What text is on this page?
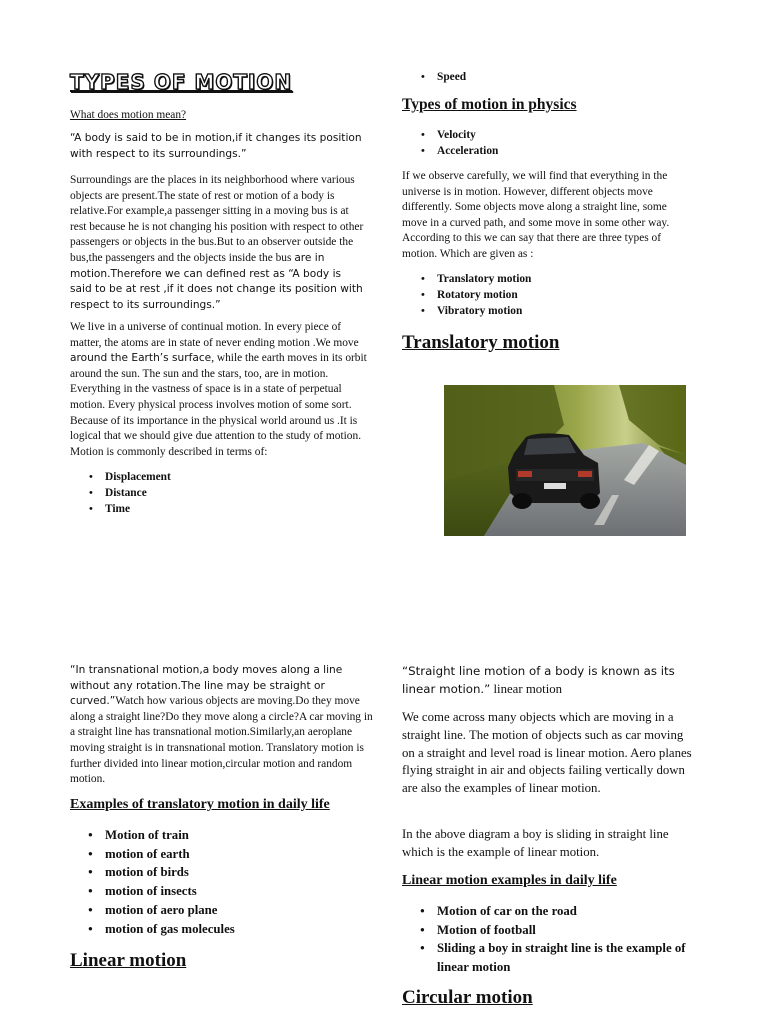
TYPES OF MOTION

What does motion mean?

“A body is said to be in motion,if it changes its position with respect to its surroundings.”

Surroundings are the places in its neighborhood where various objects are present.The state of rest or motion of a body is relative.For example,a passenger sitting in a moving bus is at rest because he is not changing his position with respect to other passengers or objects in the bus.But to an observer outside the bus,the passengers and the objects inside the bus are in motion.Therefore we can defined rest as “A body is said to be at rest ,if it does not change its position with respect to its surroundings.”

We live in a universe of continual motion. In every piece of matter, the atoms are in state of never ending motion .We move around the Earth’s surface, while the earth moves in its orbit around the sun. The sun and the stars, too, are in motion. Everything in the vastness of space is in a state of perpetual motion. Every physical process involves motion of some sort. Because of its importance in the physical world around us .It is logical that we should give due attention to the study of motion. Motion is commonly described in terms of:

• Displacement
• Distance
• Time
• Speed
Types of motion in physics
• Velocity
• Acceleration

If we observe carefully, we will find that everything in the universe is in motion. However, different objects move differently. Some objects move along a straight line, some move in a curved path, and some move in some other way. According to this we can say that there are three types of motion. Which are given as :

• Translatory motion
• Rotatory motion
• Vibratory motion
Translatory motion

“In transnational motion,a body moves along a line without any rotation.The line may be straight or curved.”Watch how various objects are moving.Do they move along a straight line?Do they move along a circle?A car moving in a straight line has transnational motion.Similarly,an aeroplane moving straight is in transnational motion. Translatory motion is further divided into linear motion,circular motion and random motion.

Examples of translatory motion in daily life
● Motion of train
● motion of earth
● motion of birds
● motion of insects
● motion of aero plane
● motion of gas molecules
Linear motion

“Straight line motion of a body is known as its linear motion.” linear motion

We come across many objects which are moving in a straight line. The motion of objects such as car moving on a straight and level road is linear motion. Aero planes flying straight in air and objects failing vertically down are also the examples of linear motion.

In the above diagram a boy is sliding in straight line which is the example of linear motion.

Linear motion examples in daily life
● Motion of car on the road
● Motion of football
● Sliding a boy in straight line is the example of linear motion
Circular motion
